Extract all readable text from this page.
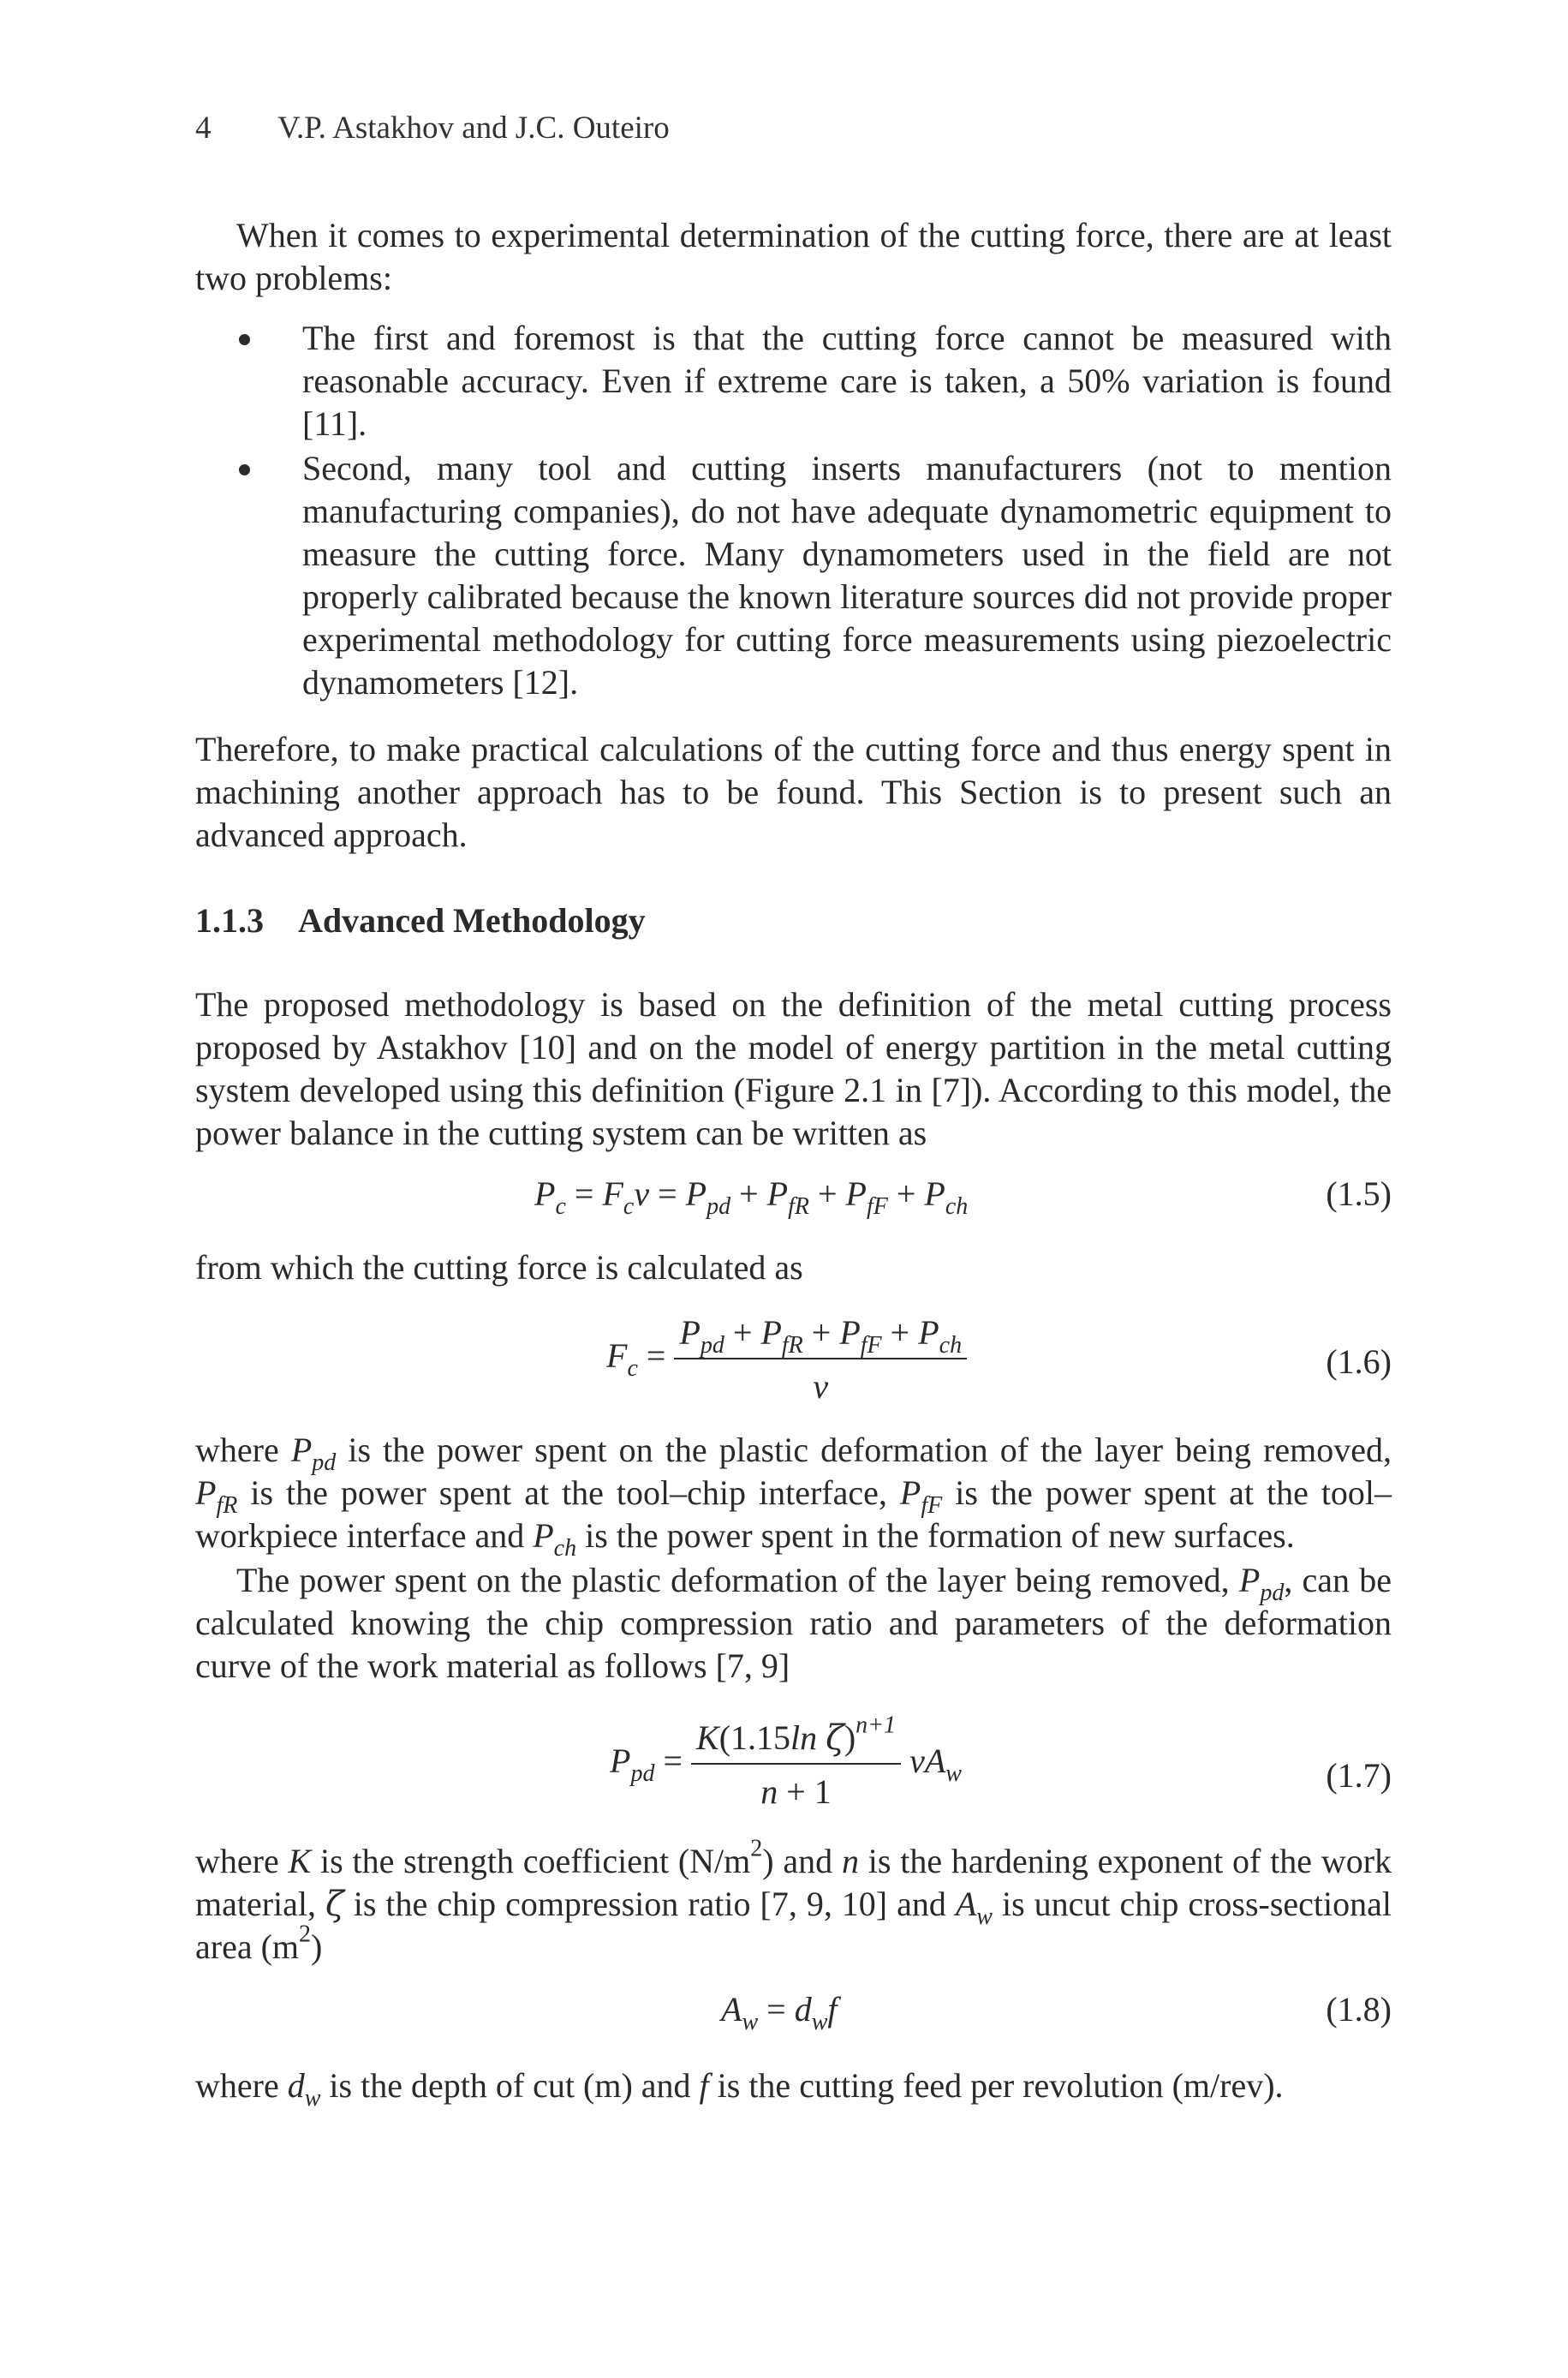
4 V.P. Astakhov and J.C. Outeiro

When it comes to experimental determination of the cutting force, there are at least two problems:

The first and foremost is that the cutting force cannot be measured with reasonable accuracy. Even if extreme care is taken, a 50% variation is found [11].
Second, many tool and cutting inserts manufacturers (not to mention manufacturing companies), do not have adequate dynamometric equipment to measure the cutting force. Many dynamometers used in the field are not properly calibrated because the known literature sources did not provide proper experimental methodology for cutting force measurements using piezoelectric dynamometers [12].

Therefore, to make practical calculations of the cutting force and thus energy spent in machining another approach has to be found. This Section is to present such an advanced approach.

1.1.3 Advanced Methodology

The proposed methodology is based on the definition of the metal cutting process proposed by Astakhov [10] and on the model of energy partition in the metal cutting system developed using this definition (Figure 2.1 in [7]). According to this model, the power balance in the cutting system can be written as

$P_c = F_cv = P_{pd} + P_{fR} + P_{fF} + P_{ch}$	(1.5)

from which the cutting force is calculated as

$F_c = \frac{P_{pd} + P_{fR} + P_{fF} + P_{ch}}{v}$	(1.6)

where $P_{pd}$ is the power spent on the plastic deformation of the layer being removed, $P_{fR}$ is the power spent at the tool–chip interface, $P_{fF}$ is the power spent at the tool–workpiece interface and $P_{ch}$ is the power spent in the formation of new surfaces.

The power spent on the plastic deformation of the layer being removed, $P_{pd}$, can be calculated knowing the chip compression ratio and parameters of the deformation curve of the work material as follows [7, 9]

$P_{pd} = \frac{K(1.15\ln \zeta)^{n+1}}{n + 1} vA_w$	(1.7)

where K is the strength coefficient $(N/m^2)$ and n is the hardening exponent of the work material, ζ is the chip compression ratio [7, 9, 10] and $A_w$ is uncut chip cross-sectional area $(m^2)$

$A_w = d_wf$	(1.8)

where $d_w$ is the depth of cut (m) and f is the cutting feed per revolution (m/rev).
